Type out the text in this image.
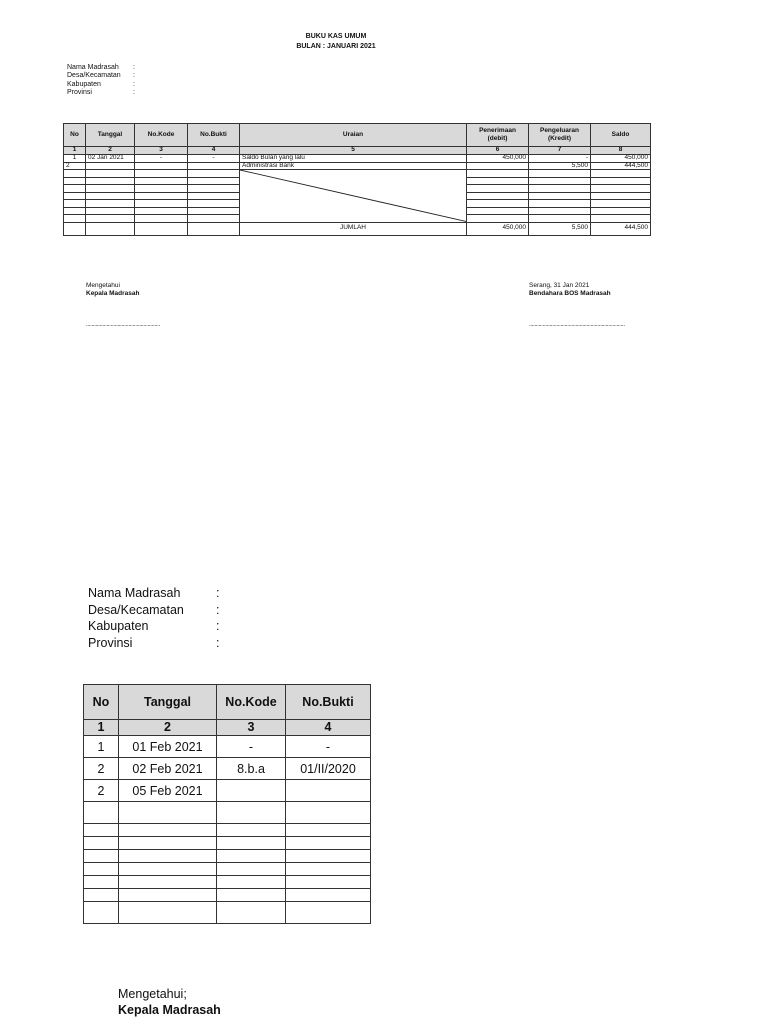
BUKU KAS UMUM
BULAN : JANUARI 2021
Nama Madrasah	:
Desa/Kecamatan	:
Kabupaten	:
Provinsi	:
No	Tanggal	No.Kode	No.Bukti	Uraian	Penerimaan (debit)	Pengeluaran (Kredit)	Saldo
1	2	3	4	5	6	7	8
1	02 Jan 2021	-	-	Saldo Bulan yang lalu	450,000	-	450,000
2				Administrasi Bank		5,500	444,500

				JUMLAH	450,000	5,500	444,500
Mengetahui
Kepala Madrasah
......................................................
Serang, 31 Jan 2021
Bendahara BOS Madrasah
......................................................................
Nama Madrasah	:
Desa/Kecamatan	:
Kabupaten	:
Provinsi	:
No	Tanggal	No.Kode	No.Bukti
1	2	3	4
1	01 Feb 2021	-	-
2	02 Feb 2021	8.b.a	01/II/2020
2	05 Feb 2021		

Mengetahui;
Kepala Madrasah
